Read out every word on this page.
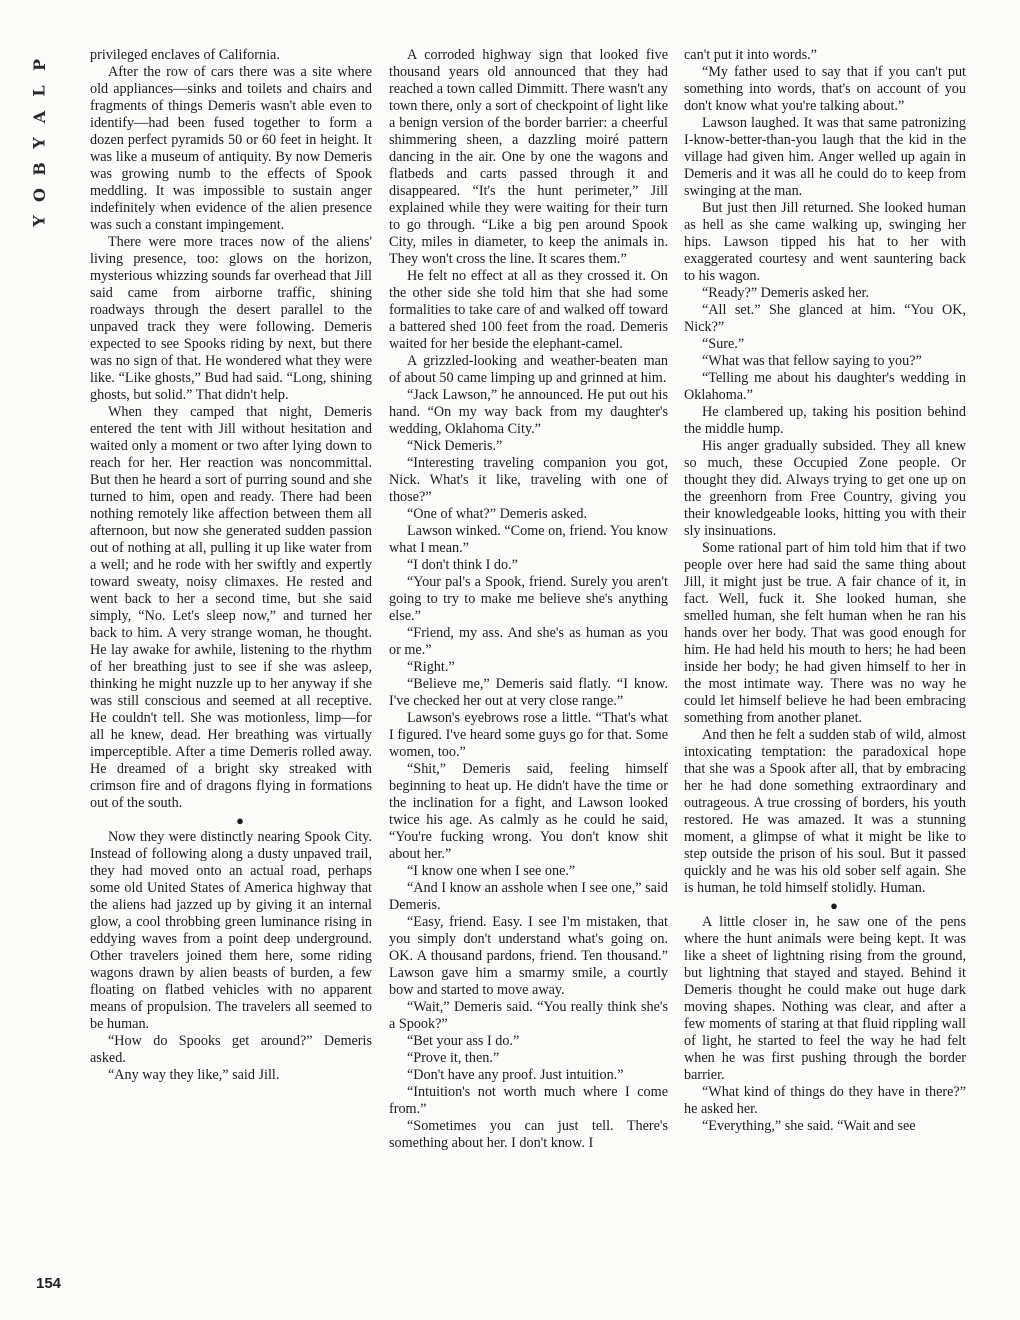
P
L
A
Y
B
O
Y

privileged enclaves of California.

After the row of cars there was a site where old appliances—sinks and toilets and chairs and fragments of things Demeris wasn't able even to identify—had been fused together to form a dozen perfect pyramids 50 or 60 feet in height. It was like a museum of antiquity. By now Demeris was growing numb to the effects of Spook meddling. It was impossible to sustain anger indefinitely when evidence of the alien presence was such a constant impingement.

There were more traces now of the aliens' living presence, too: glows on the horizon, mysterious whizzing sounds far overhead that Jill said came from airborne traffic, shining roadways through the desert parallel to the unpaved track they were following. Demeris expected to see Spooks riding by next, but there was no sign of that. He wondered what they were like. “Like ghosts,” Bud had said. “Long, shining ghosts, but solid.” That didn't help.

When they camped that night, Demeris entered the tent with Jill without hesitation and waited only a moment or two after lying down to reach for her. Her reaction was noncommittal. But then he heard a sort of purring sound and she turned to him, open and ready. There had been nothing remotely like affection between them all afternoon, but now she generated sudden passion out of nothing at all, pulling it up like water from a well; and he rode with her swiftly and expertly toward sweaty, noisy climaxes. He rested and went back to her a second time, but she said simply, “No. Let's sleep now,” and turned her back to him. A very strange woman, he thought. He lay awake for awhile, listening to the rhythm of her breathing just to see if she was asleep, thinking he might nuzzle up to her anyway if she was still conscious and seemed at all receptive. He couldn't tell. She was motionless, limp—for all he knew, dead. Her breathing was virtually imperceptible. After a time Demeris rolled away. He dreamed of a bright sky streaked with crimson fire and of dragons flying in formations out of the south.

●

Now they were distinctly nearing Spook City. Instead of following along a dusty unpaved trail, they had moved onto an actual road, perhaps some old United States of America highway that the aliens had jazzed up by giving it an internal glow, a cool throbbing green luminance rising in eddying waves from a point deep underground. Other travelers joined them here, some riding wagons drawn by alien beasts of burden, a few floating on flatbed vehicles with no apparent means of propulsion. The travelers all seemed to be human.

“How do Spooks get around?” Demeris asked.

“Any way they like,” said Jill.

A corroded highway sign that looked five thousand years old announced that they had reached a town called Dimmitt. There wasn't any town there, only a sort of checkpoint of light like a benign version of the border barrier: a cheerful shimmering sheen, a dazzling moiré pattern dancing in the air. One by one the wagons and flatbeds and carts passed through it and disappeared. “It's the hunt perimeter,” Jill explained while they were waiting for their turn to go through. “Like a big pen around Spook City, miles in diameter, to keep the animals in. They won't cross the line. It scares them.”

He felt no effect at all as they crossed it. On the other side she told him that she had some formalities to take care of and walked off toward a battered shed 100 feet from the road. Demeris waited for her beside the elephant-camel.

A grizzled-looking and weather-beaten man of about 50 came limping up and grinned at him.

“Jack Lawson,” he announced. He put out his hand. “On my way back from my daughter's wedding, Oklahoma City.”

“Nick Demeris.”

“Interesting traveling companion you got, Nick. What's it like, traveling with one of those?”

“One of what?” Demeris asked.

Lawson winked. “Come on, friend. You know what I mean.”

“I don't think I do.”

“Your pal's a Spook, friend. Surely you aren't going to try to make me believe she's anything else.”

“Friend, my ass. And she's as human as you or me.”

“Right.”

“Believe me,” Demeris said flatly. “I know. I've checked her out at very close range.”

Lawson's eyebrows rose a little. “That's what I figured. I've heard some guys go for that. Some women, too.”

“Shit,” Demeris said, feeling himself beginning to heat up. He didn't have the time or the inclination for a fight, and Lawson looked twice his age. As calmly as he could he said, “You're fucking wrong. You don't know shit about her.”

“I know one when I see one.”

“And I know an asshole when I see one,” said Demeris.

“Easy, friend. Easy. I see I'm mistaken, that you simply don't understand what's going on. OK. A thousand pardons, friend. Ten thousand.” Lawson gave him a smarmy smile, a courtly bow and started to move away.

“Wait,” Demeris said. “You really think she's a Spook?”

“Bet your ass I do.”

“Prove it, then.”

“Don't have any proof. Just intuition.”

“Intuition's not worth much where I come from.”

“Sometimes you can just tell. There's something about her. I don't know. I

can't put it into words.”

“My father used to say that if you can't put something into words, that's on account of you don't know what you're talking about.”

Lawson laughed. It was that same patronizing I-know-better-than-you laugh that the kid in the village had given him. Anger welled up again in Demeris and it was all he could do to keep from swinging at the man.

But just then Jill returned. She looked human as hell as she came walking up, swinging her hips. Lawson tipped his hat to her with exaggerated courtesy and went sauntering back to his wagon.

“Ready?” Demeris asked her.

“All set.” She glanced at him. “You OK, Nick?”

“Sure.”

“What was that fellow saying to you?”

“Telling me about his daughter's wedding in Oklahoma.”

He clambered up, taking his position behind the middle hump.

His anger gradually subsided. They all knew so much, these Occupied Zone people. Or thought they did. Always trying to get one up on the greenhorn from Free Country, giving you their knowledgeable looks, hitting you with their sly insinuations.

Some rational part of him told him that if two people over here had said the same thing about Jill, it might just be true. A fair chance of it, in fact. Well, fuck it. She looked human, she smelled human, she felt human when he ran his hands over her body. That was good enough for him. He had held his mouth to hers; he had been inside her body; he had given himself to her in the most intimate way. There was no way he could let himself believe he had been embracing something from another planet.

And then he felt a sudden stab of wild, almost intoxicating temptation: the paradoxical hope that she was a Spook after all, that by embracing her he had done something extraordinary and outrageous. A true crossing of borders, his youth restored. He was amazed. It was a stunning moment, a glimpse of what it might be like to step outside the prison of his soul. But it passed quickly and he was his old sober self again. She is human, he told himself stolidly. Human.

●

A little closer in, he saw one of the pens where the hunt animals were being kept. It was like a sheet of lightning rising from the ground, but lightning that stayed and stayed. Behind it Demeris thought he could make out huge dark moving shapes. Nothing was clear, and after a few moments of staring at that fluid rippling wall of light, he started to feel the way he had felt when he was first pushing through the border barrier.

“What kind of things do they have in there?” he asked her.

“Everything,” she said. “Wait and see

154
